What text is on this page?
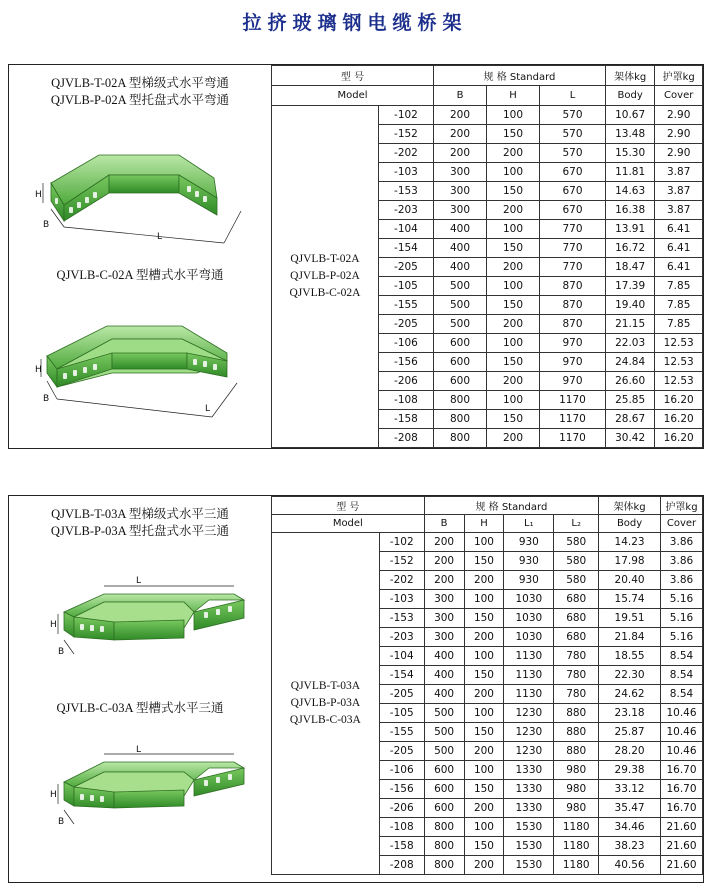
拉挤玻璃钢电缆桥架
QJVLB-T-02A 型梯级式水平弯通
QJVLB-P-02A 型托盘式水平弯通
H
B
L
QJVLB-C-02A 型槽式水平弯通
H
B
L
型 号		规 格 Standard			架体kg	护罩kg
Model		B	H	L	Body	Cover

QJVLB-T-02A
QJVLB-P-02A
QJVLB-C-02A	-102	200	100	570	10.67	2.90
	-152	200	150	570	13.48	2.90
	-202	200	200	570	15.30	2.90
	-103	300	100	670	11.81	3.87
	-153	300	150	670	14.63	3.87
	-203	300	200	670	16.38	3.87
	-104	400	100	770	13.91	6.41
	-154	400	150	770	16.72	6.41
	-205	400	200	770	18.47	6.41
	-105	500	100	870	17.39	7.85
	-155	500	150	870	19.40	7.85
	-205	500	200	870	21.15	7.85
	-106	600	100	970	22.03	12.53
	-156	600	150	970	24.84	12.53
	-206	600	200	970	26.60	12.53
	-108	800	100	1170	25.85	16.20
	-158	800	150	1170	28.67	16.20
	-208	800	200	1170	30.42	16.20
QJVLB-T-03A 型梯级式水平三通
QJVLB-P-03A 型托盘式水平三通
L
H
B
QJVLB-C-03A 型槽式水平三通
L
H
B
型 号		规 格 Standard				架体kg	护罩kg
Model		B	H	L₁	L₂	Body	Cover

QJVLB-T-03A
QJVLB-P-03A
QJVLB-C-03A	-102	200	100	930	580	14.23	3.86
	-152	200	150	930	580	17.98	3.86
	-202	200	200	930	580	20.40	3.86
	-103	300	100	1030	680	15.74	5.16
	-153	300	150	1030	680	19.51	5.16
	-203	300	200	1030	680	21.84	5.16
	-104	400	100	1130	780	18.55	8.54
	-154	400	150	1130	780	22.30	8.54
	-205	400	200	1130	780	24.62	8.54
	-105	500	100	1230	880	23.18	10.46
	-155	500	150	1230	880	25.87	10.46
	-205	500	200	1230	880	28.20	10.46
	-106	600	100	1330	980	29.38	16.70
	-156	600	150	1330	980	33.12	16.70
	-206	600	200	1330	980	35.47	16.70
	-108	800	100	1530	1180	34.46	21.60
	-158	800	150	1530	1180	38.23	21.60
	-208	800	200	1530	1180	40.56	21.60
